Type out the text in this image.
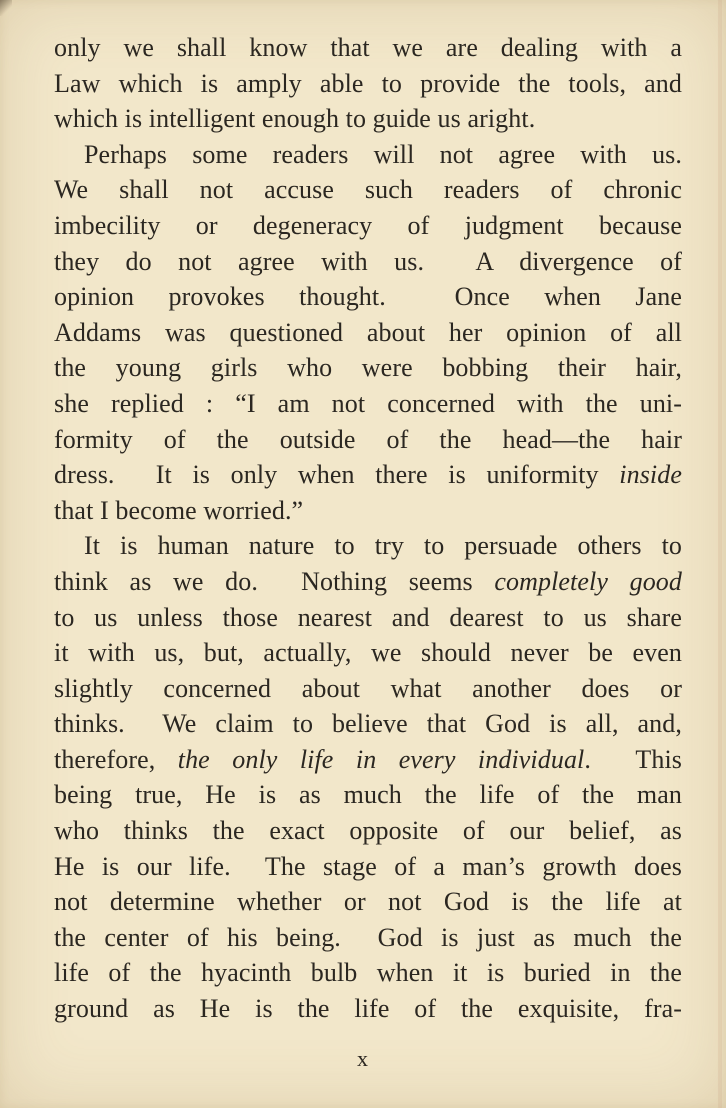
only we shall know that we are dealing with a
Law which is amply able to provide the tools, and
which is intelligent enough to guide us aright.
Perhaps some readers will not agree with us.
We shall not accuse such readers of chronic
imbecility or degeneracy of judgment because
they do not agree with us.  A divergence of
opinion provokes thought.  Once when Jane
Addams was questioned about her opinion of all
the young girls who were bobbing their hair,
she replied : “I am not concerned with the uni-
formity of the outside of the head—the hair
dress.  It is only when there is uniformity inside
that I become worried.”
It is human nature to try to persuade others to
think as we do.  Nothing seems completely good
to us unless those nearest and dearest to us share
it with us, but, actually, we should never be even
slightly concerned about what another does or
thinks.  We claim to believe that God is all, and,
therefore, the only life in every individual.  This
being true, He is as much the life of the man
who thinks the exact opposite of our belief, as
He is our life.  The stage of a man’s growth does
not determine whether or not God is the life at
the center of his being.  God is just as much the
life of the hyacinth bulb when it is buried in the
ground as He is the life of the exquisite, fra-
x
